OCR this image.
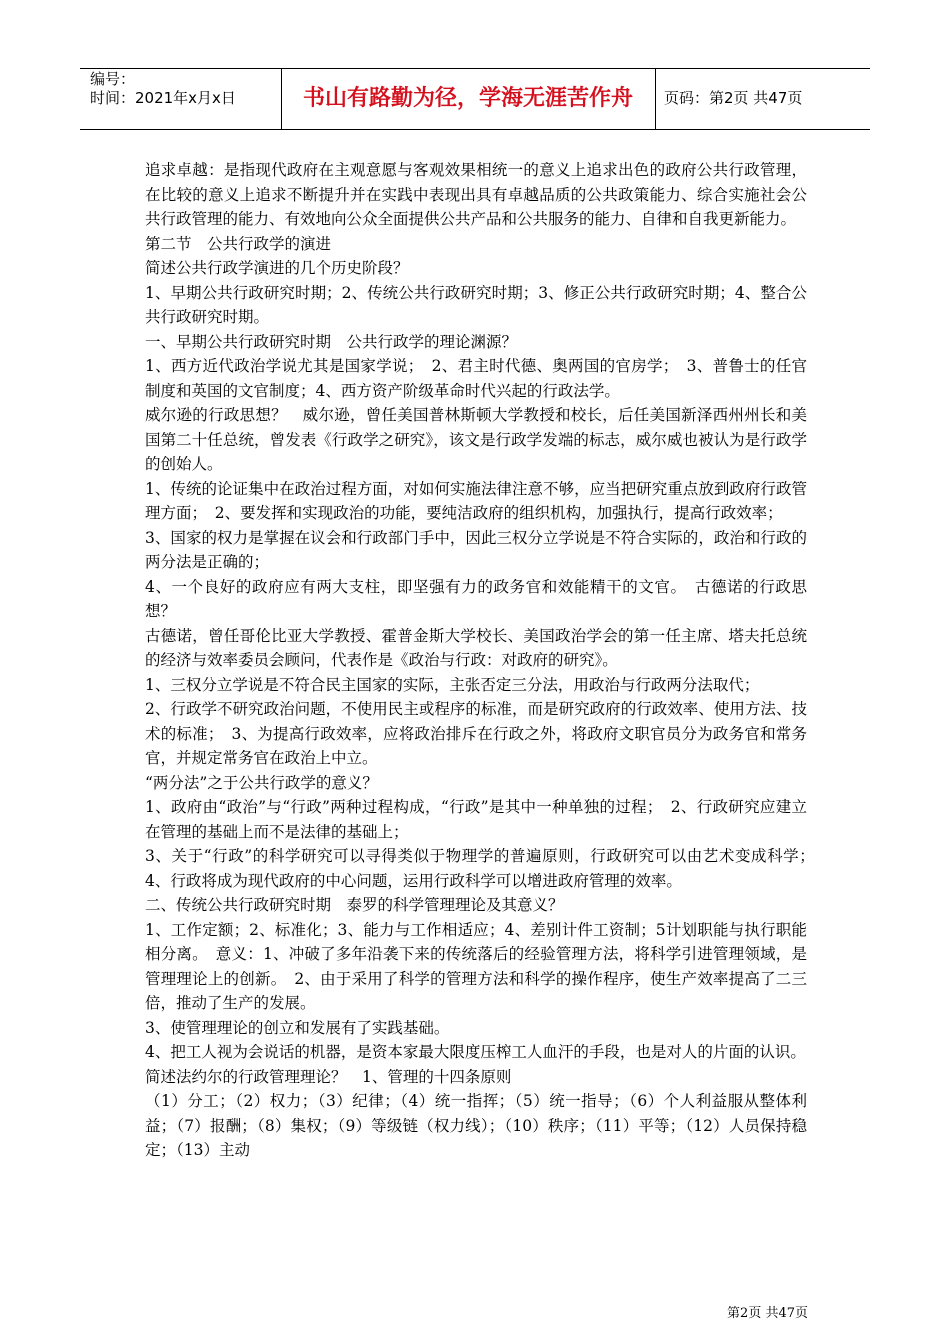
编号：
时间：2021年x月x日	书山有路勤为径，学海无涯苦作舟	页码：第2页 共47页

追求卓越：是指现代政府在主观意愿与客观效果相统一的意义上追求出色的政府公共行政管理，在比较的意义上追求不断提升并在实践中表现出具有卓越品质的公共政策能力、综合实施社会公共行政管理的能力、有效地向公众全面提供公共产品和公共服务的能力、自律和自我更新能力。

第二节　公共行政学的演进

简述公共行政学演进的几个历史阶段？

1、早期公共行政研究时期；2、传统公共行政研究时期；3、修正公共行政研究时期；4、整合公共行政研究时期。

一、早期公共行政研究时期　公共行政学的理论渊源？

1、西方近代政治学说尤其是国家学说；　2、君主时代德、奥两国的官房学；　3、普鲁士的任官制度和英国的文官制度；4、西方资产阶级革命时代兴起的行政法学。

威尔逊的行政思想？　威尔逊，曾任美国普林斯顿大学教授和校长，后任美国新泽西州州长和美国第二十任总统，曾发表《行政学之研究》，该文是行政学发端的标志，威尔威也被认为是行政学的创始人。

1、传统的论证集中在政治过程方面，对如何实施法律注意不够，应当把研究重点放到政府行政管理方面；　2、要发挥和实现政治的功能，要纯洁政府的组织机构，加强执行，提高行政效率；

3、国家的权力是掌握在议会和行政部门手中，因此三权分立学说是不符合实际的，政治和行政的两分法是正确的；

4、一个良好的政府应有两大支柱，即坚强有力的政务官和效能精干的文官。　古德诺的行政思想？

古德诺，曾任哥伦比亚大学教授、霍普金斯大学校长、美国政治学会的第一任主席、塔夫托总统的经济与效率委员会顾问，代表作是《政治与行政：对政府的研究》。

1、三权分立学说是不符合民主国家的实际，主张否定三分法，用政治与行政两分法取代；

2、行政学不研究政治问题，不使用民主或程序的标准，而是研究政府的行政效率、使用方法、技术的标准；　3、为提高行政效率，应将政治排斥在行政之外，将政府文职官员分为政务官和常务官，并规定常务官在政治上中立。

“两分法”之于公共行政学的意义？

1、政府由“政治”与“行政”两种过程构成，“行政”是其中一种单独的过程；　2、行政研究应建立在管理的基础上而不是法律的基础上；

3、关于“行政”的科学研究可以寻得类似于物理学的普遍原则，行政研究可以由艺术变成科学；　4、行政将成为现代政府的中心问题，运用行政科学可以增进政府管理的效率。

二、传统公共行政研究时期　泰罗的科学管理理论及其意义？

1、工作定额；2、标准化；3、能力与工作相适应；4、差别计件工资制；5计划职能与执行职能相分离。　意义：1、冲破了多年沿袭下来的传统落后的经验管理方法，将科学引进管理领域，是管理理论上的创新。　2、由于采用了科学的管理方法和科学的操作程序，使生产效率提高了二三倍，推动了生产的发展。

3、使管理理论的创立和发展有了实践基础。

4、把工人视为会说话的机器，是资本家最大限度压榨工人血汗的手段，也是对人的片面的认识。

简述法约尔的行政管理理论？　1、管理的十四条原则

（1）分工；（2）权力；（3）纪律；（4）统一指挥；（5）统一指导；（6）个人利益服从整体利益；（7）报酬；（8）集权；（9）等级链（权力线）；（10）秩序；（11）平等；（12）人员保持稳定；（13）主动

第2页 共47页
